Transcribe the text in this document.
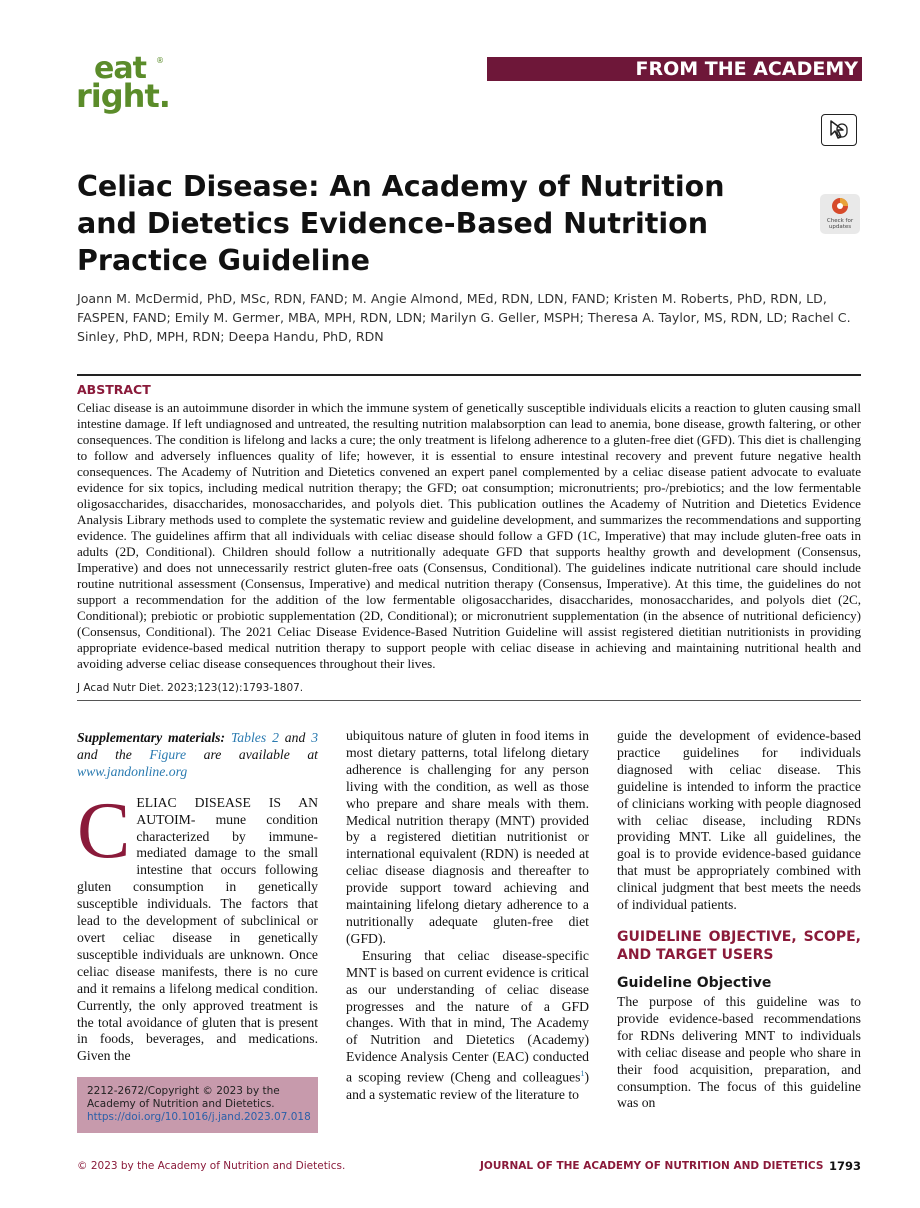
eat ®
right.
FROM THE ACADEMY
Celiac Disease: An Academy of Nutrition and Dietetics Evidence-Based Nutrition Practice Guideline
Check for updates
Joann M. McDermid, PhD, MSc, RDN, FAND; M. Angie Almond, MEd, RDN, LDN, FAND; Kristen M. Roberts, PhD, RDN, LD, FASPEN, FAND; Emily M. Germer, MBA, MPH, RDN, LDN; Marilyn G. Geller, MSPH; Theresa A. Taylor, MS, RDN, LD; Rachel C. Sinley, PhD, MPH, RDN; Deepa Handu, PhD, RDN
ABSTRACT
Celiac disease is an autoimmune disorder in which the immune system of genetically susceptible individuals elicits a reaction to gluten causing small intestine damage. If left undiagnosed and untreated, the resulting nutrition malabsorption can lead to anemia, bone disease, growth faltering, or other consequences. The condition is lifelong and lacks a cure; the only treatment is lifelong adherence to a gluten-free diet (GFD). This diet is challenging to follow and adversely influences quality of life; however, it is essential to ensure intestinal recovery and prevent future negative health consequences. The Academy of Nutrition and Dietetics convened an expert panel complemented by a celiac disease patient advocate to evaluate evidence for six topics, including medical nutrition therapy; the GFD; oat consumption; micronutrients; pro-/prebiotics; and the low fermentable oligosaccharides, disaccharides, monosaccharides, and polyols diet. This publication outlines the Academy of Nutrition and Dietetics Evidence Analysis Library methods used to complete the systematic review and guideline development, and summarizes the recommendations and supporting evidence. The guidelines affirm that all individuals with celiac disease should follow a GFD (1C, Imperative) that may include gluten-free oats in adults (2D, Conditional). Children should follow a nutritionally adequate GFD that supports healthy growth and development (Consensus, Imperative) and does not unnecessarily restrict gluten-free oats (Consensus, Conditional). The guidelines indicate nutritional care should include routine nutritional assessment (Consensus, Imperative) and medical nutrition therapy (Consensus, Imperative). At this time, the guidelines do not support a recommendation for the addition of the low fermentable oligosaccharides, disaccharides, monosaccharides, and polyols diet (2C, Conditional); prebiotic or probiotic supplementation (2D, Conditional); or micronutrient supplementation (in the absence of nutritional deficiency) (Consensus, Conditional). The 2021 Celiac Disease Evidence-Based Nutrition Guideline will assist registered dietitian nutritionists in providing appropriate evidence-based medical nutrition therapy to support people with celiac disease in achieving and maintaining nutritional health and avoiding adverse celiac disease consequences throughout their lives.
J Acad Nutr Diet. 2023;123(12):1793-1807.

Supplementary materials: Tables 2 and 3 and the Figure are available at www.jandonline.org

CELIAC DISEASE IS AN AUTOIM- mune condition characterized by immune-mediated damage to the small intestine that occurs following gluten consumption in genetically susceptible individuals. The factors that lead to the development of subclinical or overt celiac disease in genetically susceptible individuals are unknown. Once celiac disease manifests, there is no cure and it remains a lifelong medical condition. Currently, the only approved treatment is the total avoidance of gluten that is present in foods, beverages, and medications. Given the

2212-2672/Copyright © 2023 by the Academy of Nutrition and Dietetics.
https://doi.org/10.1016/j.jand.2023.07.018

ubiquitous nature of gluten in food items in most dietary patterns, total lifelong dietary adherence is challenging for any person living with the condition, as well as those who prepare and share meals with them. Medical nutrition therapy (MNT) provided by a registered dietitian nutritionist or international equivalent (RDN) is needed at celiac disease diagnosis and thereafter to provide support toward achieving and maintaining lifelong dietary adherence to a nutritionally adequate gluten-free diet (GFD).

Ensuring that celiac disease-specific MNT is based on current evidence is critical as our understanding of celiac disease progresses and the nature of a GFD changes. With that in mind, The Academy of Nutrition and Dietetics (Academy) Evidence Analysis Center (EAC) conducted a scoping review (Cheng and colleagues$^1$) and a systematic review of the literature to

guide the development of evidence-based practice guidelines for individuals diagnosed with celiac disease. This guideline is intended to inform the practice of clinicians working with people diagnosed with celiac disease, including RDNs providing MNT. Like all guidelines, the goal is to provide evidence-based guidance that must be appropriately combined with clinical judgment that best meets the needs of individual patients.

GUIDELINE OBJECTIVE, SCOPE, AND TARGET USERS
Guideline Objective

The purpose of this guideline was to provide evidence-based recommendations for RDNs delivering MNT to individuals with celiac disease and people who share in their food acquisition, preparation, and consumption. The focus of this guideline was on

© 2023 by the Academy of Nutrition and Dietetics.	JOURNAL OF THE ACADEMY OF NUTRITION AND DIETETICS 1793
